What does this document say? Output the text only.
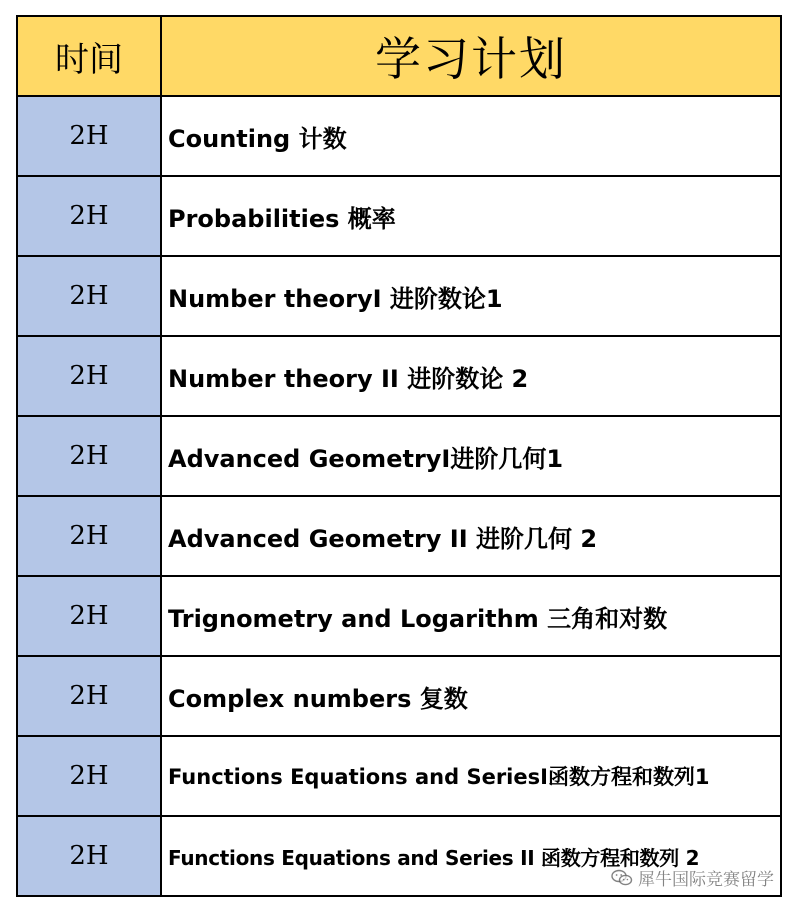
时间	学习计划
2H	Counting 计数
2H	Probabilities 概率
2H	Number theoryI 进阶数论1
2H	Number theory II 进阶数论 2
2H	Advanced GeometryI进阶几何1
2H	Advanced Geometry II 进阶几何 2
2H	Trignometry and Logarithm 三角和对数
2H	Complex numbers 复数
2H	Functions Equations and SeriesI函数方程和数列1
2H	Functions Equations and Series II 函数方程和数列 2
犀牛国际竞赛留学
